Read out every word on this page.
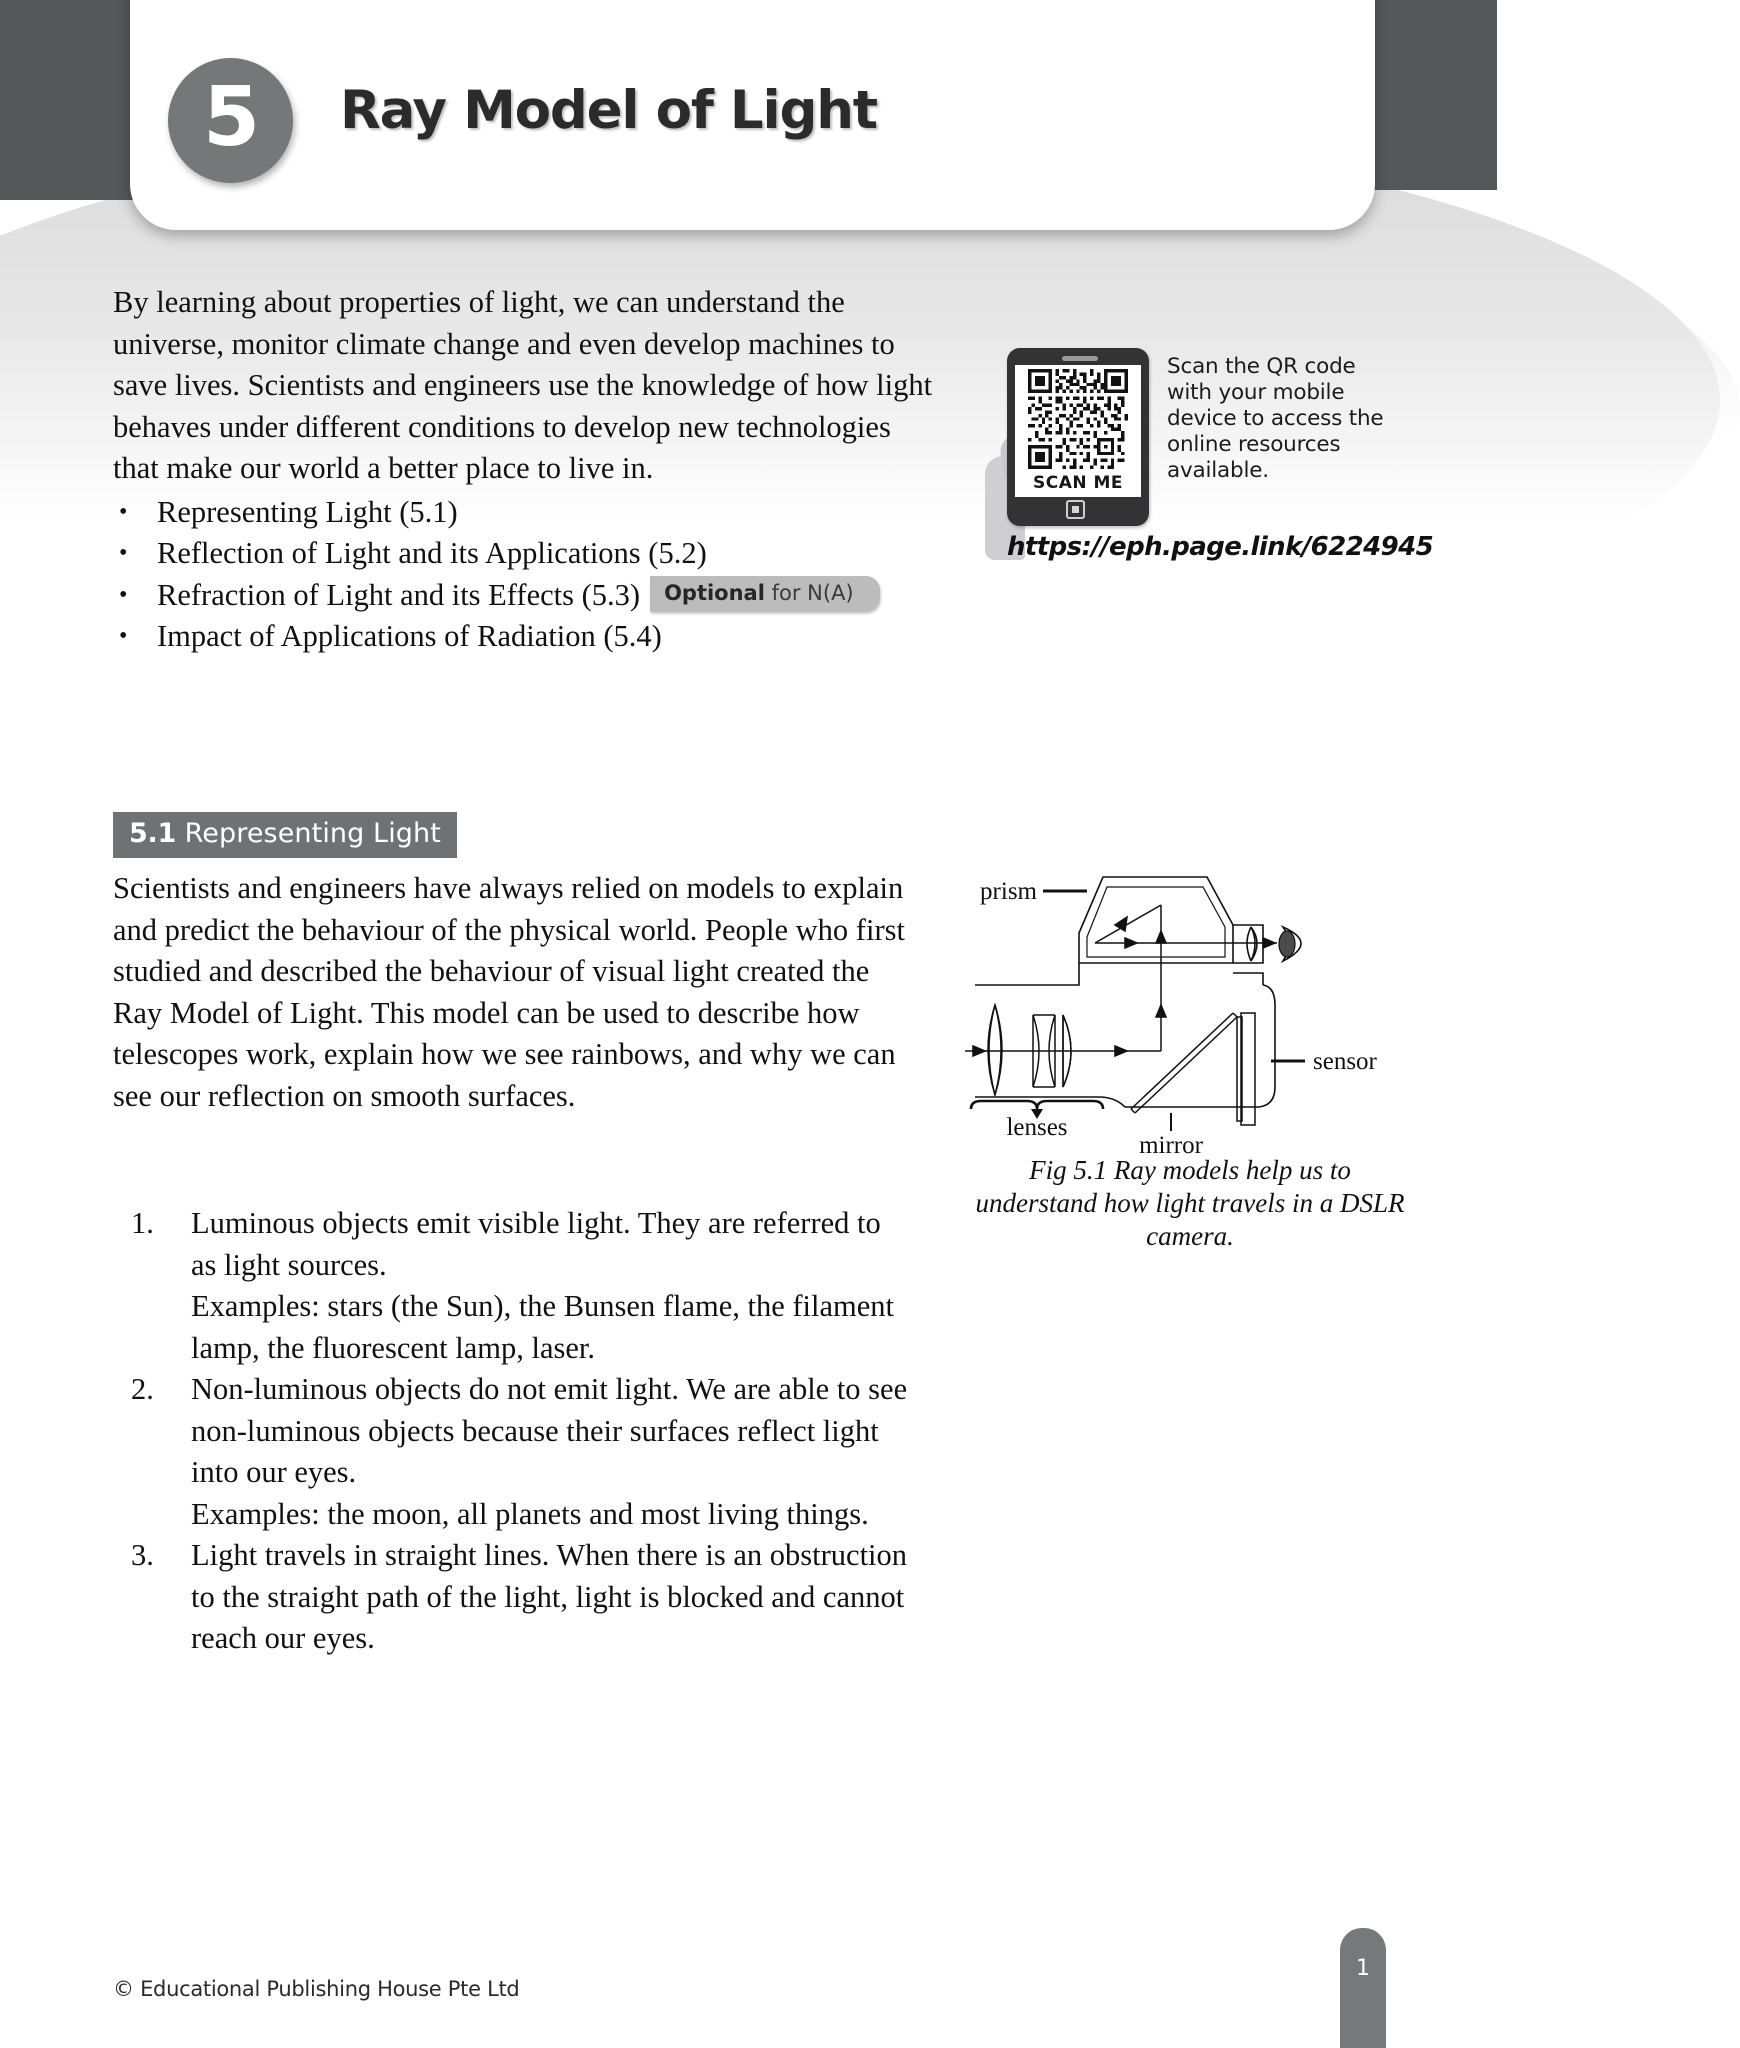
5 Ray Model of Light

By learning about properties of light, we can understand the universe, monitor climate change and even develop machines to save lives. Scientists and engineers use the knowledge of how light behaves under different conditions to develop new technologies that make our world a better place to live in.

• Representing Light (5.1)
• Reflection of Light and its Applications (5.2)
• Refraction of Light and its Effects (5.3) Optional for N(A)
• Impact of Applications of Radiation (5.4)
SCAN ME
Scan the QR code with your mobile device to access the online resources available.
https://eph.page.link/6224945
5.1 Representing Light

Scientists and engineers have always relied on models to explain and predict the behaviour of the physical world. People who first studied and described the behaviour of visual light created the Ray Model of Light. This model can be used to describe how telescopes work, explain how we see rainbows, and why we can see our reflection on smooth surfaces.

prism
sensor
lenses
mirror
Fig 5.1 Ray models help us to understand how light travels in a DSLR camera.
1.	Luminous objects emit visible light. They are referred to as light sources.
Examples: stars (the Sun), the Bunsen flame, the filament lamp, the fluorescent lamp, laser.
2.	Non-luminous objects do not emit light. We are able to see non-luminous objects because their surfaces reflect light into our eyes.
Examples: the moon, all planets and most living things.
3.	Light travels in straight lines. When there is an obstruction to the straight path of the light, light is blocked and cannot reach our eyes.
© Educational Publishing House Pte Ltd
1
